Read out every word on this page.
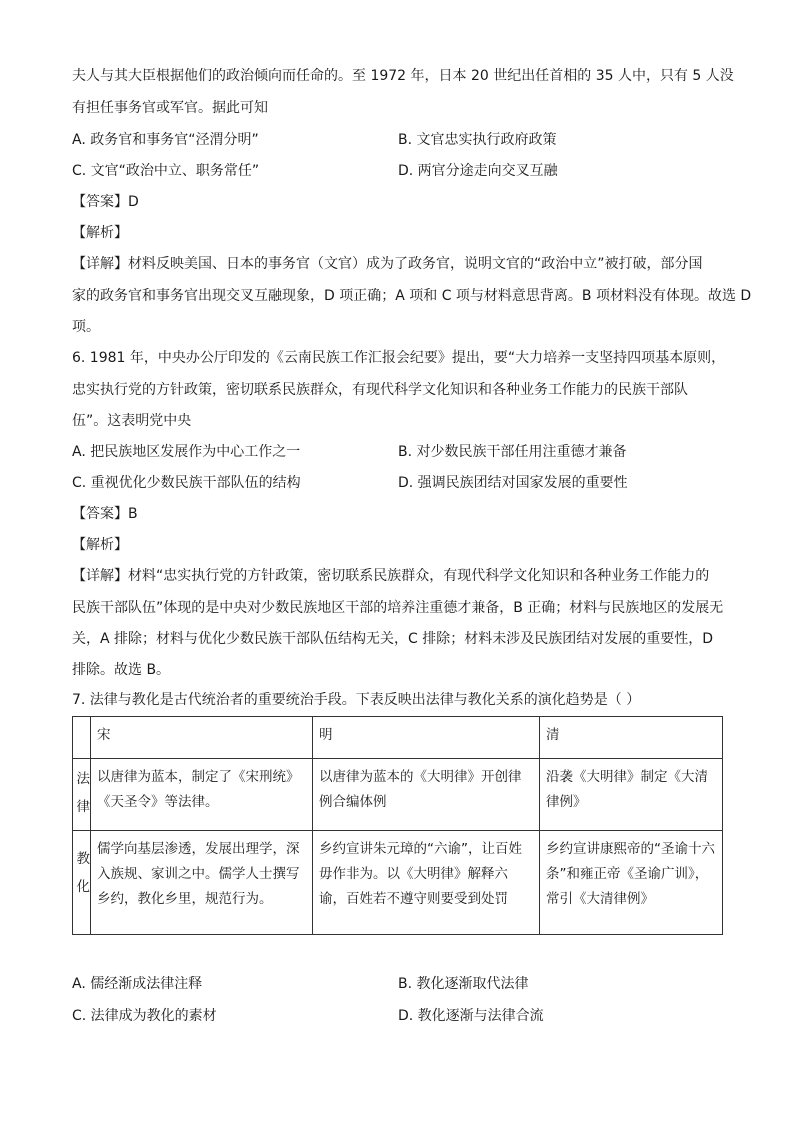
夫人与其大臣根据他们的政治倾向而任命的。至 1972 年，日本 20 世纪出任首相的 35 人中，只有 5 人没
有担任事务官或军官。据此可知
A. 政务官和事务官“泾渭分明”	B. 文官忠实执行政府政策
C. 文官“政治中立、职务常任”	D. 两官分途走向交叉互融
【答案】D
【解析】
【详解】材料反映美国、日本的事务官（文官）成为了政务官，说明文官的“政治中立”被打破，部分国
家的政务官和事务官出现交叉互融现象，D 项正确；A 项和 C 项与材料意思背离。B 项材料没有体现。故选 D
项。
6. 1981 年，中央办公厅印发的《云南民族工作汇报会纪要》提出，要“大力培养一支坚持四项基本原则，
忠实执行党的方针政策，密切联系民族群众，有现代科学文化知识和各种业务工作能力的民族干部队
伍”。这表明党中央
A. 把民族地区发展作为中心工作之一	B. 对少数民族干部任用注重德才兼备
C. 重视优化少数民族干部队伍的结构	D. 强调民族团结对国家发展的重要性
【答案】B
【解析】
【详解】材料“忠实执行党的方针政策，密切联系民族群众，有现代科学文化知识和各种业务工作能力的
民族干部队伍”体现的是中央对少数民族地区干部的培养注重德才兼备，B 正确；材料与民族地区的发展无
关，A 排除；材料与优化少数民族干部队伍结构无关，C 排除；材料未涉及民族团结对发展的重要性，D
排除。故选 B。
7. 法律与教化是古代统治者的重要统治手段。下表反映出法律与教化关系的演化趋势是（ ）
	宋	明	清
法律	以唐律为蓝本，制定了《宋刑统》《天圣令》等法律。	以唐律为蓝本的《大明律》开创律例合编体例	沿袭《大明律》制定《大清律例》
教化	儒学向基层渗透，发展出理学，深入族规、家训之中。儒学人士撰写乡约，教化乡里，规范行为。	乡约宣讲朱元璋的“六谕”，让百姓毋作非为。以《大明律》解释六谕，百姓若不遵守则要受到处罚	乡约宣讲康熙帝的“圣谕十六条”和雍正帝《圣谕广训》，常引《大清律例》
A. 儒经渐成法律注释	B. 教化逐渐取代法律
C. 法律成为教化的素材	D. 教化逐渐与法律合流
